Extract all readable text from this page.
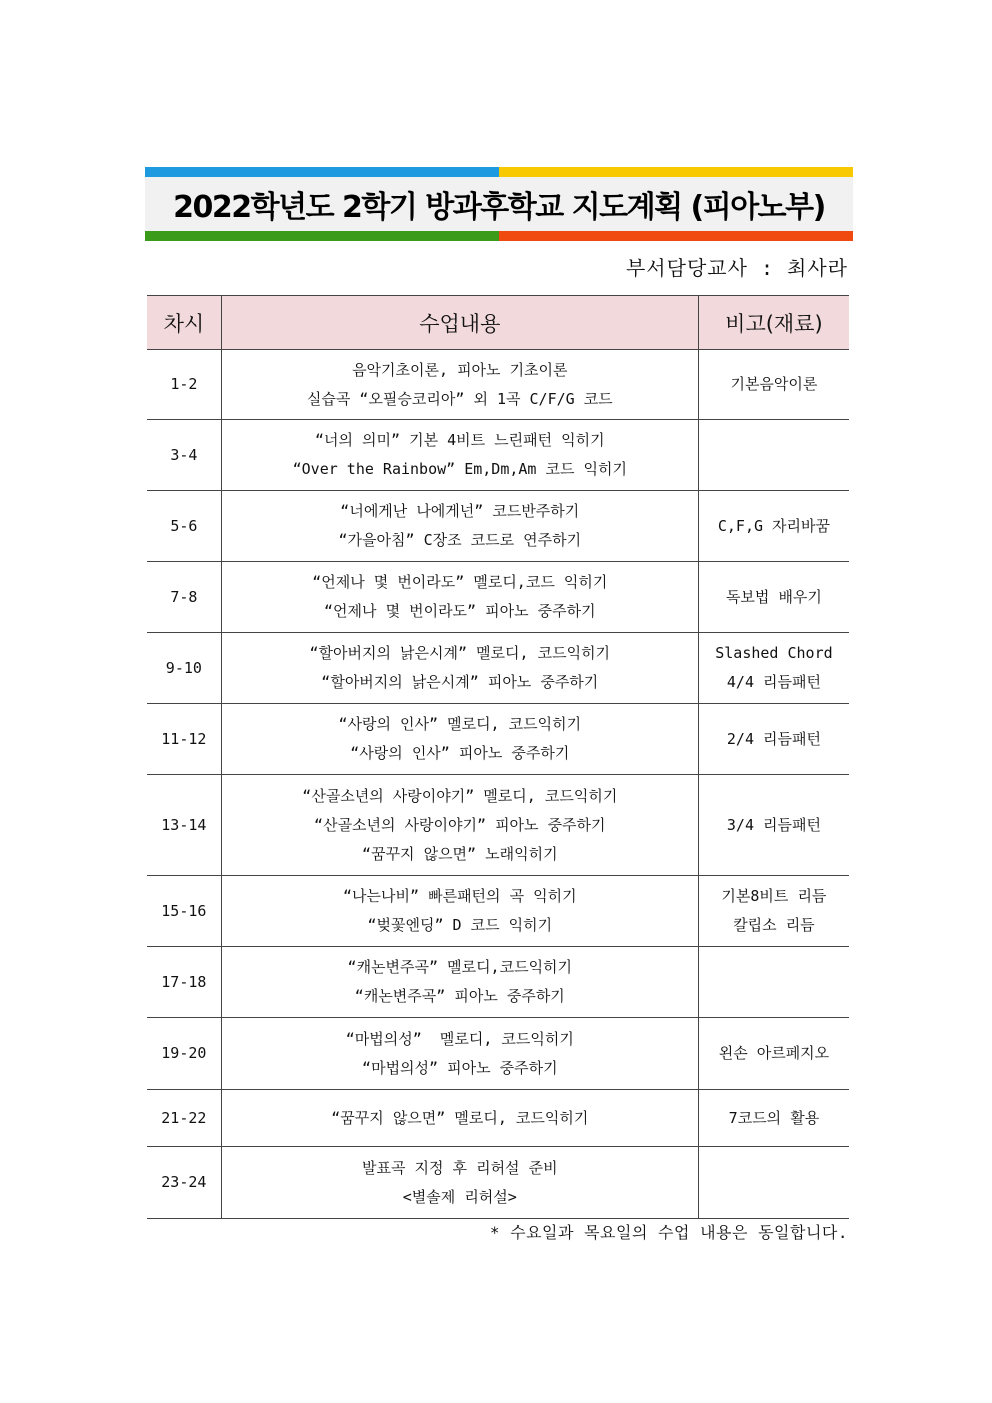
2022학년도 2학기 방과후학교 지도계획 (피아노부)
부서담당교사 : 최사라
차시	수업내용	비고(재료)
1-2	음악기초이론, 피아노 기초이론
실습곡 “오필승코리아” 외 1곡 C/F/G 코드	기본음악이론

3-4	“너의 의미” 기본 4비트 느린패턴 익히기
“Over the Rainbow” Em,Dm,Am 코드 익히기	

5-6	“너에게난 나에게넌” 코드반주하기
“가을아침” C장조 코드로 연주하기	C,F,G 자리바꿈

7-8	“언제나 몇 번이라도” 멜로디,코드 익히기
“언제나 몇 번이라도” 피아노 중주하기	독보법 배우기

9-10	“할아버지의 낡은시계” 멜로디, 코드익히기
“할아버지의 낡은시계” 피아노 중주하기	Slashed Chord
4/4 리듬패턴

11-12	“사랑의 인사” 멜로디, 코드익히기
“사랑의 인사” 피아노 중주하기	2/4 리듬패턴

13-14	“산골소년의 사랑이야기” 멜로디, 코드익히기
“산골소년의 사랑이야기” 피아노 중주하기
“꿈꾸지 않으면” 노래익히기	3/4 리듬패턴

15-16	“나는나비” 빠른패턴의 곡 익히기
“벚꽃엔딩” D 코드 익히기	기본8비트 리듬
칼립소 리듬

17-18	“캐논변주곡” 멜로디,코드익히기
“캐논변주곡” 피아노 중주하기	

19-20	“마법의성”  멜로디, 코드익히기
“마법의성” 피아노 중주하기	왼손 아르페지오

21-22	“꿈꾸지 않으면” 멜로디, 코드익히기	7코드의 활용

23-24	발표곡 지정 후 리허설 준비
<별솔제 리허설>	

* 수요일과 목요일의 수업 내용은 동일합니다.
